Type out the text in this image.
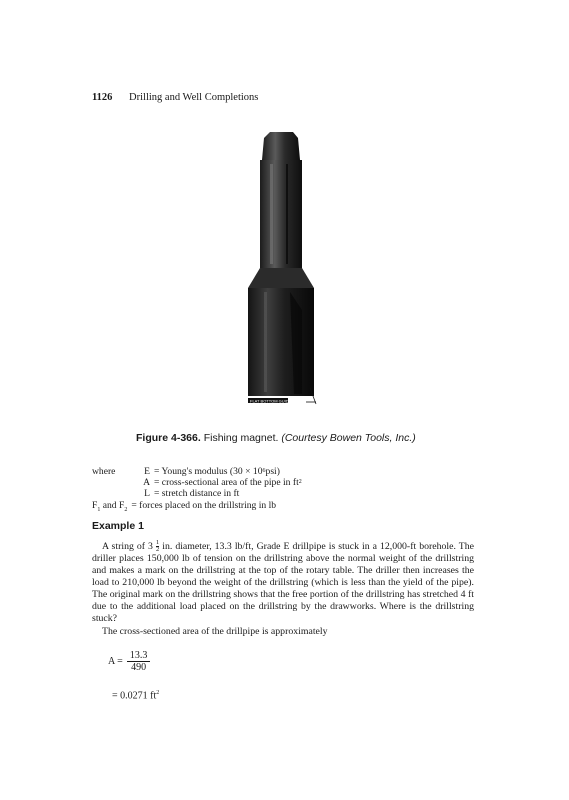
1126 Drilling and Well Completions
FLAT BOTTOM GUIDE
Figure 4-366. Fishing magnet. (Courtesy Bowen Tools, Inc.)
where	E = Young's modulus (30 × 10 6 psi)
A = cross-sectional area of the pipe in ft 2
L = stretch distance in ft
$F_1$ and $F_2$ = forces placed on the drillstring in lb
Example 1

A string of $3 \frac{1}{2}$ in. diameter, 13.3 lb/ft, Grade E drillpipe is stuck in a 12,000-ft borehole. The driller places 150,000 lb of tension on the drillstring above the normal weight of the drillstring and makes a mark on the drillstring at the top of the rotary table. The driller then increases the load to 210,000 lb beyond the weight of the drillstring (which is less than the yield of the pipe). The original mark on the drillstring shows that the free portion of the drillstring has stretched 4 ft due to the additional load placed on the drillstring by the drawworks. Where is the drillstring stuck?

The cross-sectioned area of the drillpipe is approximately

$A = \frac{13.3}{490}$
= 0.0271 $ft^2$
